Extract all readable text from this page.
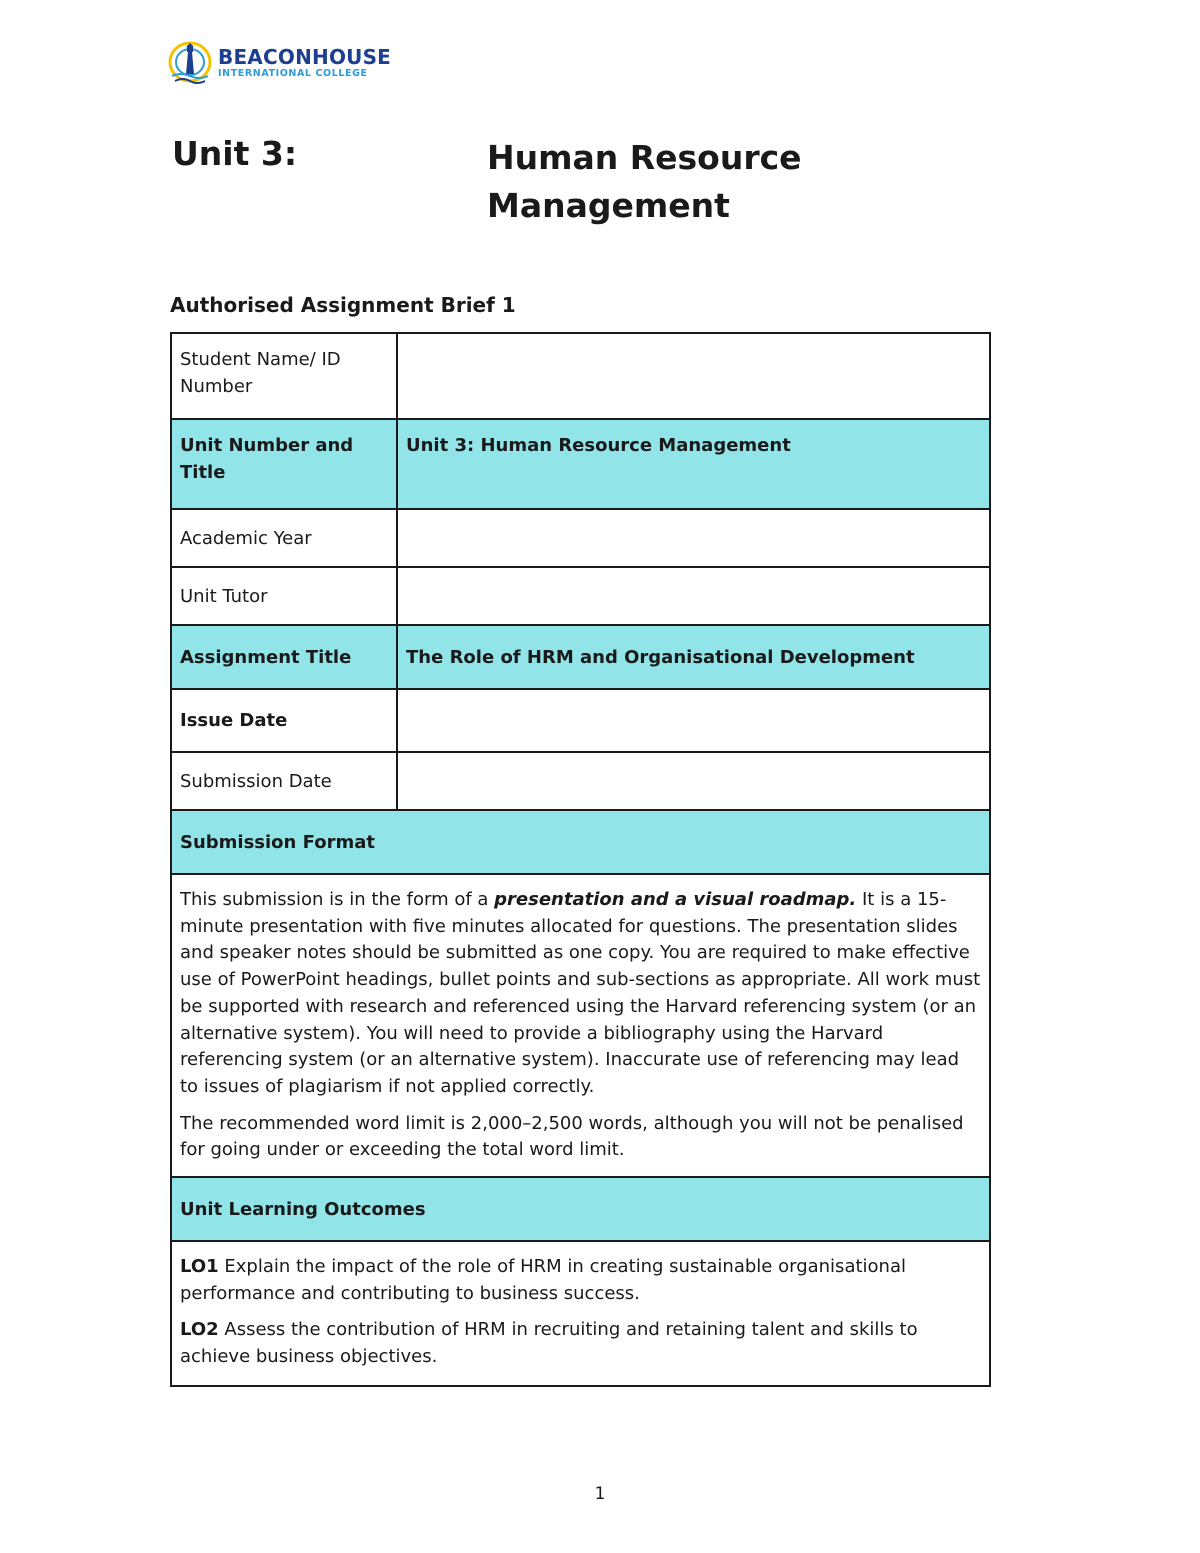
BEACONHOUSE
INTERNATIONAL COLLEGE
Unit 3:	Human Resource Management
Authorised Assignment Brief 1
Student Name/ ID Number	
Unit Number and Title	Unit 3: Human Resource Management
Academic Year	
Unit Tutor	
Assignment Title	The Role of HRM and Organisational Development
Issue Date	
Submission Date	
Submission Format	

This submission is in the form of a presentation and a visual roadmap. It is a 15-minute presentation with five minutes allocated for questions. The presentation slides and speaker notes should be submitted as one copy. You are required to make effective use of PowerPoint headings, bullet points and sub-sections as appropriate. All work must be supported with research and referenced using the Harvard referencing system (or an alternative system). You will need to provide a bibliography using the Harvard referencing system (or an alternative system). Inaccurate use of referencing may lead to issues of plagiarism if not applied correctly.

The recommended word limit is 2,000–2,500 words, although you will not be penalised for going under or exceeding the total word limit.	

Unit Learning Outcomes	

LO1 Explain the impact of the role of HRM in creating sustainable organisational performance and contributing to business success.

LO2 Assess the contribution of HRM in recruiting and retaining talent and skills to achieve business objectives.	

1
